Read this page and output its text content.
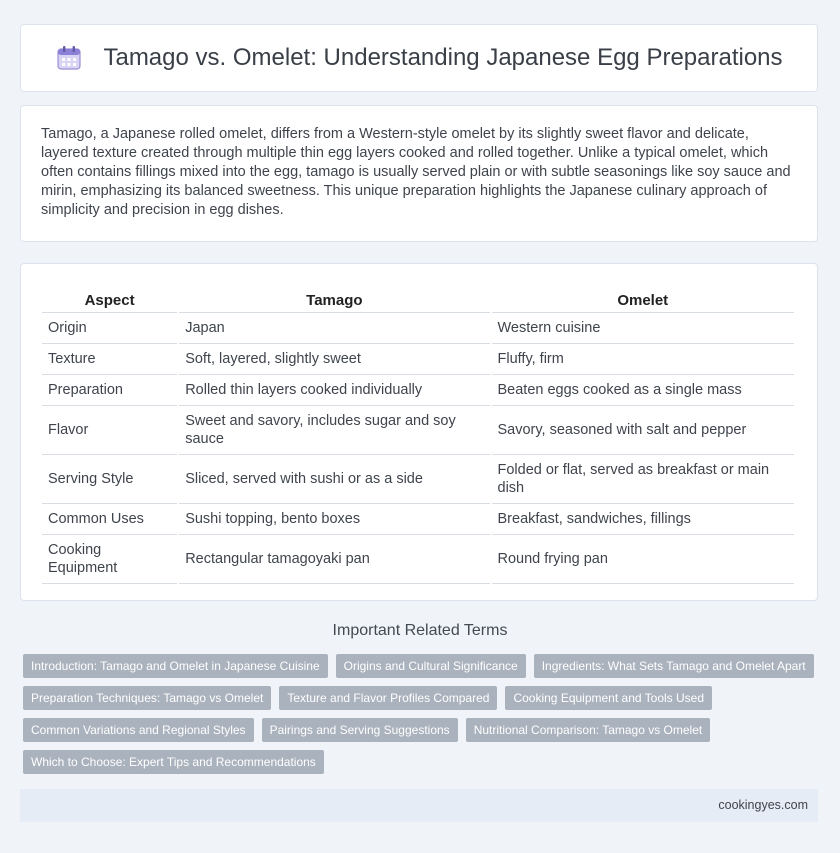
Tamago vs. Omelet: Understanding Japanese Egg Preparations

Tamago, a Japanese rolled omelet, differs from a Western-style omelet by its slightly sweet flavor and delicate, layered texture created through multiple thin egg layers cooked and rolled together. Unlike a typical omelet, which often contains fillings mixed into the egg, tamago is usually served plain or with subtle seasonings like soy sauce and mirin, emphasizing its balanced sweetness. This unique preparation highlights the Japanese culinary approach of simplicity and precision in egg dishes.

Aspect	Tamago	Omelet
Origin	Japan	Western cuisine
Texture	Soft, layered, slightly sweet	Fluffy, firm
Preparation	Rolled thin layers cooked individually	Beaten eggs cooked as a single mass
Flavor	Sweet and savory, includes sugar and soy sauce	Savory, seasoned with salt and pepper
Serving Style	Sliced, served with sushi or as a side	Folded or flat, served as breakfast or main dish
Common Uses	Sushi topping, bento boxes	Breakfast, sandwiches, fillings
Cooking Equipment	Rectangular tamagoyaki pan	Round frying pan
Important Related Terms
Introduction: Tamago and Omelet in Japanese Cuisine	Origins and Cultural Significance	Ingredients: What Sets Tamago and Omelet Apart
Preparation Techniques: Tamago vs Omelet	Texture and Flavor Profiles Compared	Cooking Equipment and Tools Used
Common Variations and Regional Styles	Pairings and Serving Suggestions	Nutritional Comparison: Tamago vs Omelet
Which to Choose: Expert Tips and Recommendations
cookingyes.com
